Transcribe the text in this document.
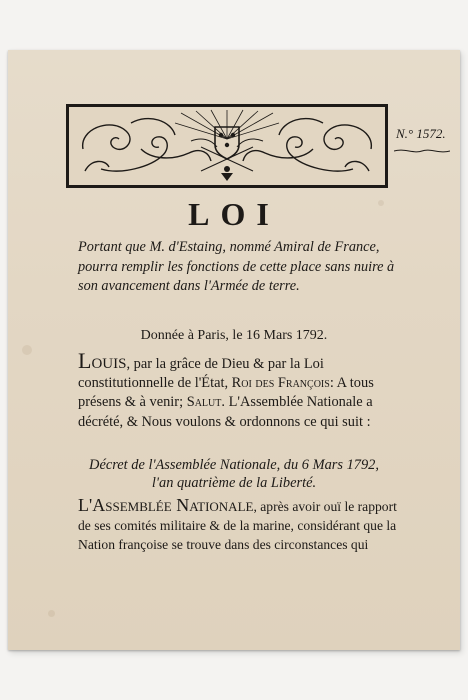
N.° 1572.
LOI
Portant que M. d'Estaing, nommé Amiral de France, pourra remplir les fonctions de cette place sans nuire à son avancement dans l'Armée de terre.
Donnée à Paris, le 16 Mars 1792.
Louis, par la grâce de Dieu & par la Loi constitutionnelle de l'État, Roi des François: A tous présens & à venir; Salut. L'Assemblée Nationale a décrété, & Nous voulons & ordonnons ce qui suit :
Décret de l'Assemblée Nationale, du 6 Mars 1792,
l'an quatrième de la Liberté.
L'Assemblée Nationale, après avoir ouï le rapport de ses comités militaire & de la marine, considérant que la Nation françoise se trouve dans des circonstances qui
